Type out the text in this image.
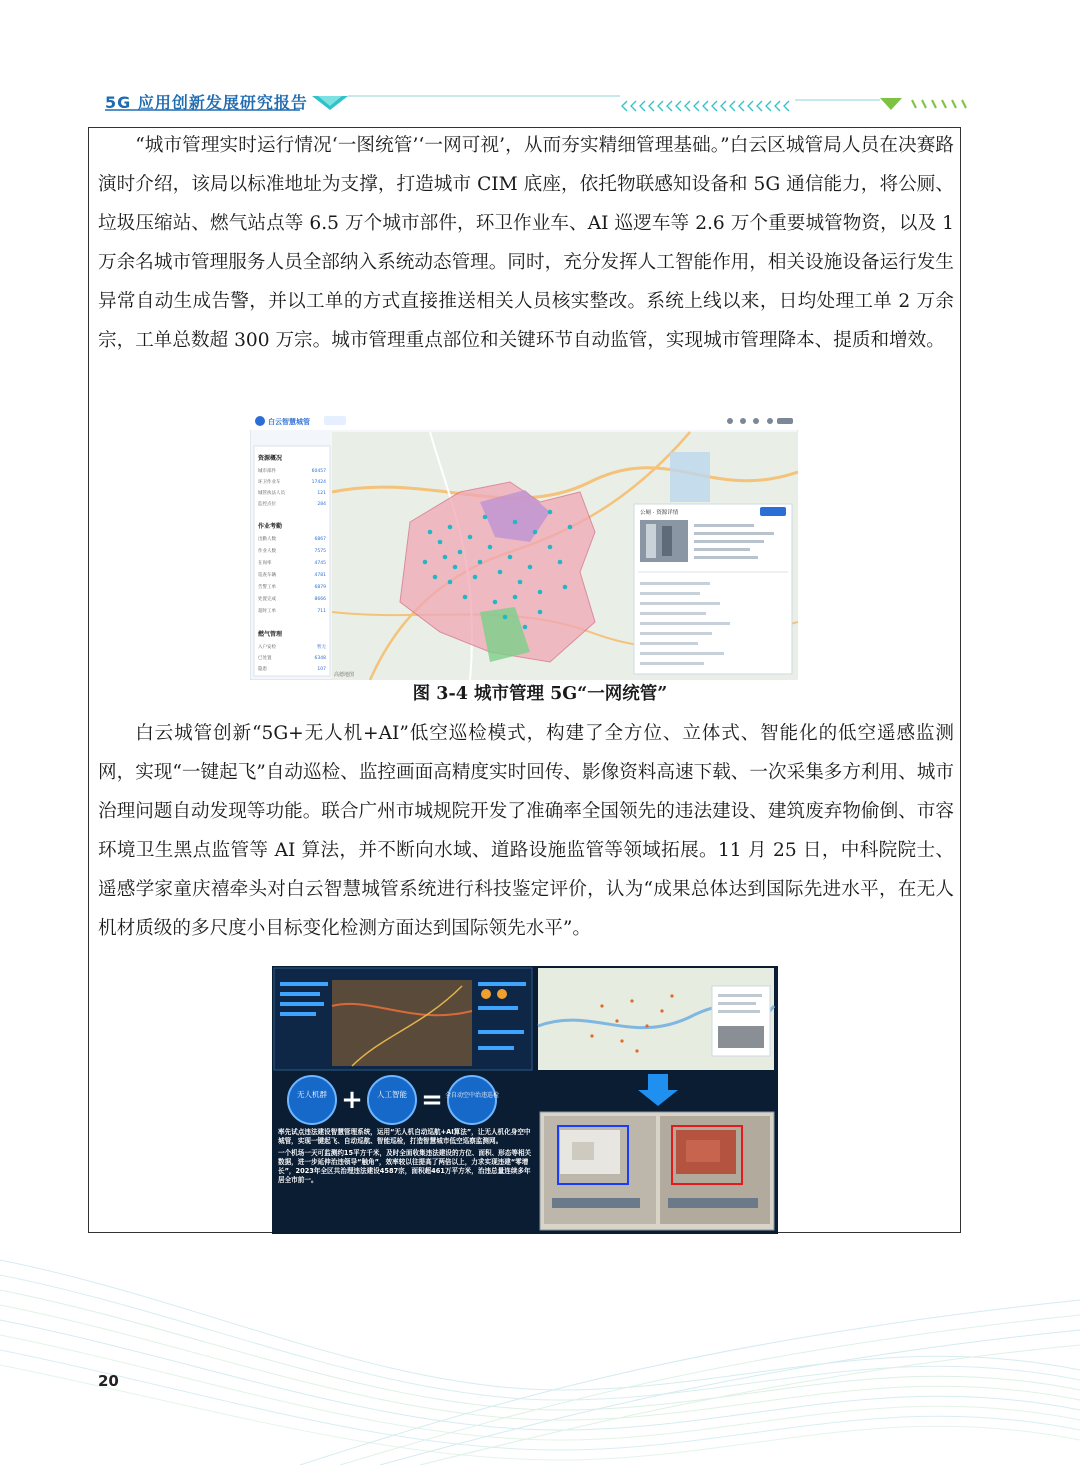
5G 应用创新发展研究报告

“城市管理实时运行情况‘一图统管’‘一网可视’，从而夯实精细管理基础。”白云区城管局人员在决赛路演时介绍，该局以标准地址为支撑，打造城市 CIM 底座，依托物联感知设备和 5G 通信能力，将公厕、垃圾压缩站、燃气站点等 6.5 万个城市部件，环卫作业车、AI 巡逻车等 2.6 万个重要城管物资，以及 1 万余名城市管理服务人员全部纳入系统动态管理。同时，充分发挥人工智能作用，相关设施设备运行发生异常自动生成告警，并以工单的方式直接推送相关人员核实整改。系统上线以来，日均处理工单 2 万余宗，工单总数超 300 万宗。城市管理重点部位和关键环节自动监管，实现城市管理降本、提质和增效。

白云智慧城管
高德地图
资源概况
城市部件	60457
环卫作业车	17424
城管执法人员	121
监控点位	284
作业考勤
出勤人数	6867
作业人数	7575
在岗率	4745
巡查车辆	4781
告警工单	6879
处置完成	8666
超时工单	711
燃气管理
入户安检	暂无
已处置	6348
隐患	107
公厕 · 资源详情
图 3-4 城市管理 5G“一网统管”

白云城管创新“5G+无人机+AI”低空巡检模式，构建了全方位、立体式、智能化的低空遥感监测网，实现“一键起飞”自动巡检、监控画面高精度实时回传、影像资料高速下载、一次采集多方利用、城市治理问题自动发现等功能。联合广州市城规院开发了准确率全国领先的违法建设、建筑废弃物偷倒、市容环境卫生黑点监管等 AI 算法，并不断向水域、道路设施监管等领域拓展。11 月 25 日，中科院院士、遥感学家童庆禧牵头对白云智慧城管系统进行科技鉴定评价，认为“成果总体达到国际先进水平，在无人机材质级的多尺度小目标变化检测方面达到国际领先水平”。

无人机群 + 人工智能 = 全自动空中治违巡检
率先试点违法建设智慧管理系统，运用“无人机自动巡航+AI算法”，让无人机化身空中城管，实现一键起飞、自动巡航、智能巡检，打造智慧城市低空巡察监测网。
一个机场一天可监测约15平方千米，及时全面收集违法建设的方位、面积、形态等相关数据，进一步延伸治违领导“触角”，效率较以往提高了两倍以上，力求实现违建“零增长”，2023年全区共治理违法建设4587宗，面积超461万平方米，治违总量连续多年居全市前一。
20
